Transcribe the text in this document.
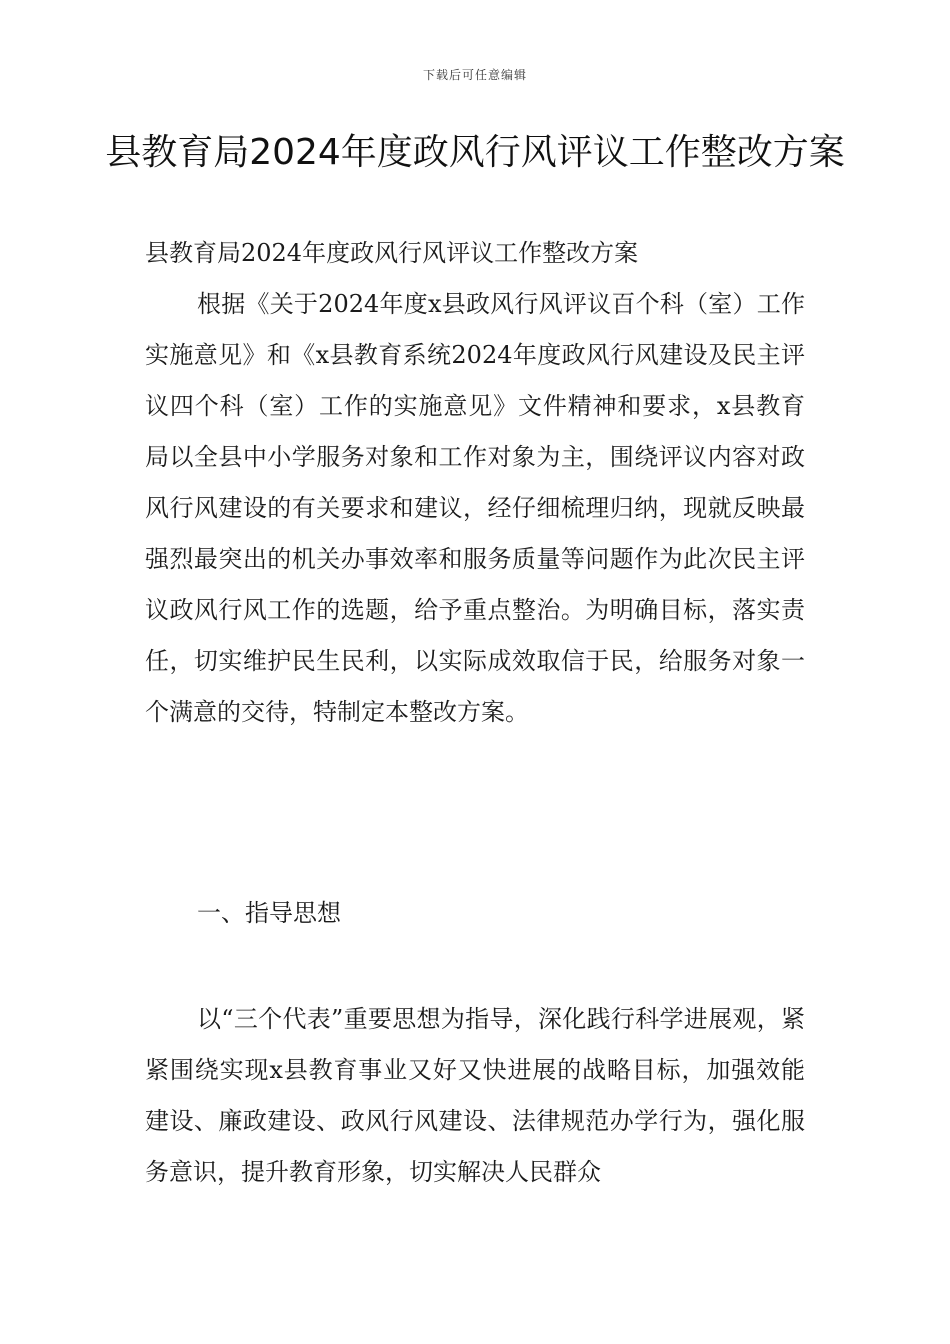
下载后可任意编辑
县教育局2024年度政风行风评议工作整改方案

县教育局2024年度政风行风评议工作整改方案

根据《关于2024年度x县政风行风评议百个科（室）工作实施意见》和《x县教育系统2024年度政风行风建设及民主评议四个科（室）工作的实施意见》文件精神和要求，x县教育局以全县中小学服务对象和工作对象为主，围绕评议内容对政风行风建设的有关要求和建议，经仔细梳理归纳，现就反映最强烈最突出的机关办事效率和服务质量等问题作为此次民主评议政风行风工作的选题，给予重点整治。为明确目标，落实责任，切实维护民生民利，以实际成效取信于民，给服务对象一个满意的交待，特制定本整改方案。

一、指导思想

以“三个代表”重要思想为指导，深化践行科学进展观，紧紧围绕实现x县教育事业又好又快进展的战略目标，加强效能建设、廉政建设、政风行风建设、法律规范办学行为，强化服务意识，提升教育形象，切实解决人民群众
